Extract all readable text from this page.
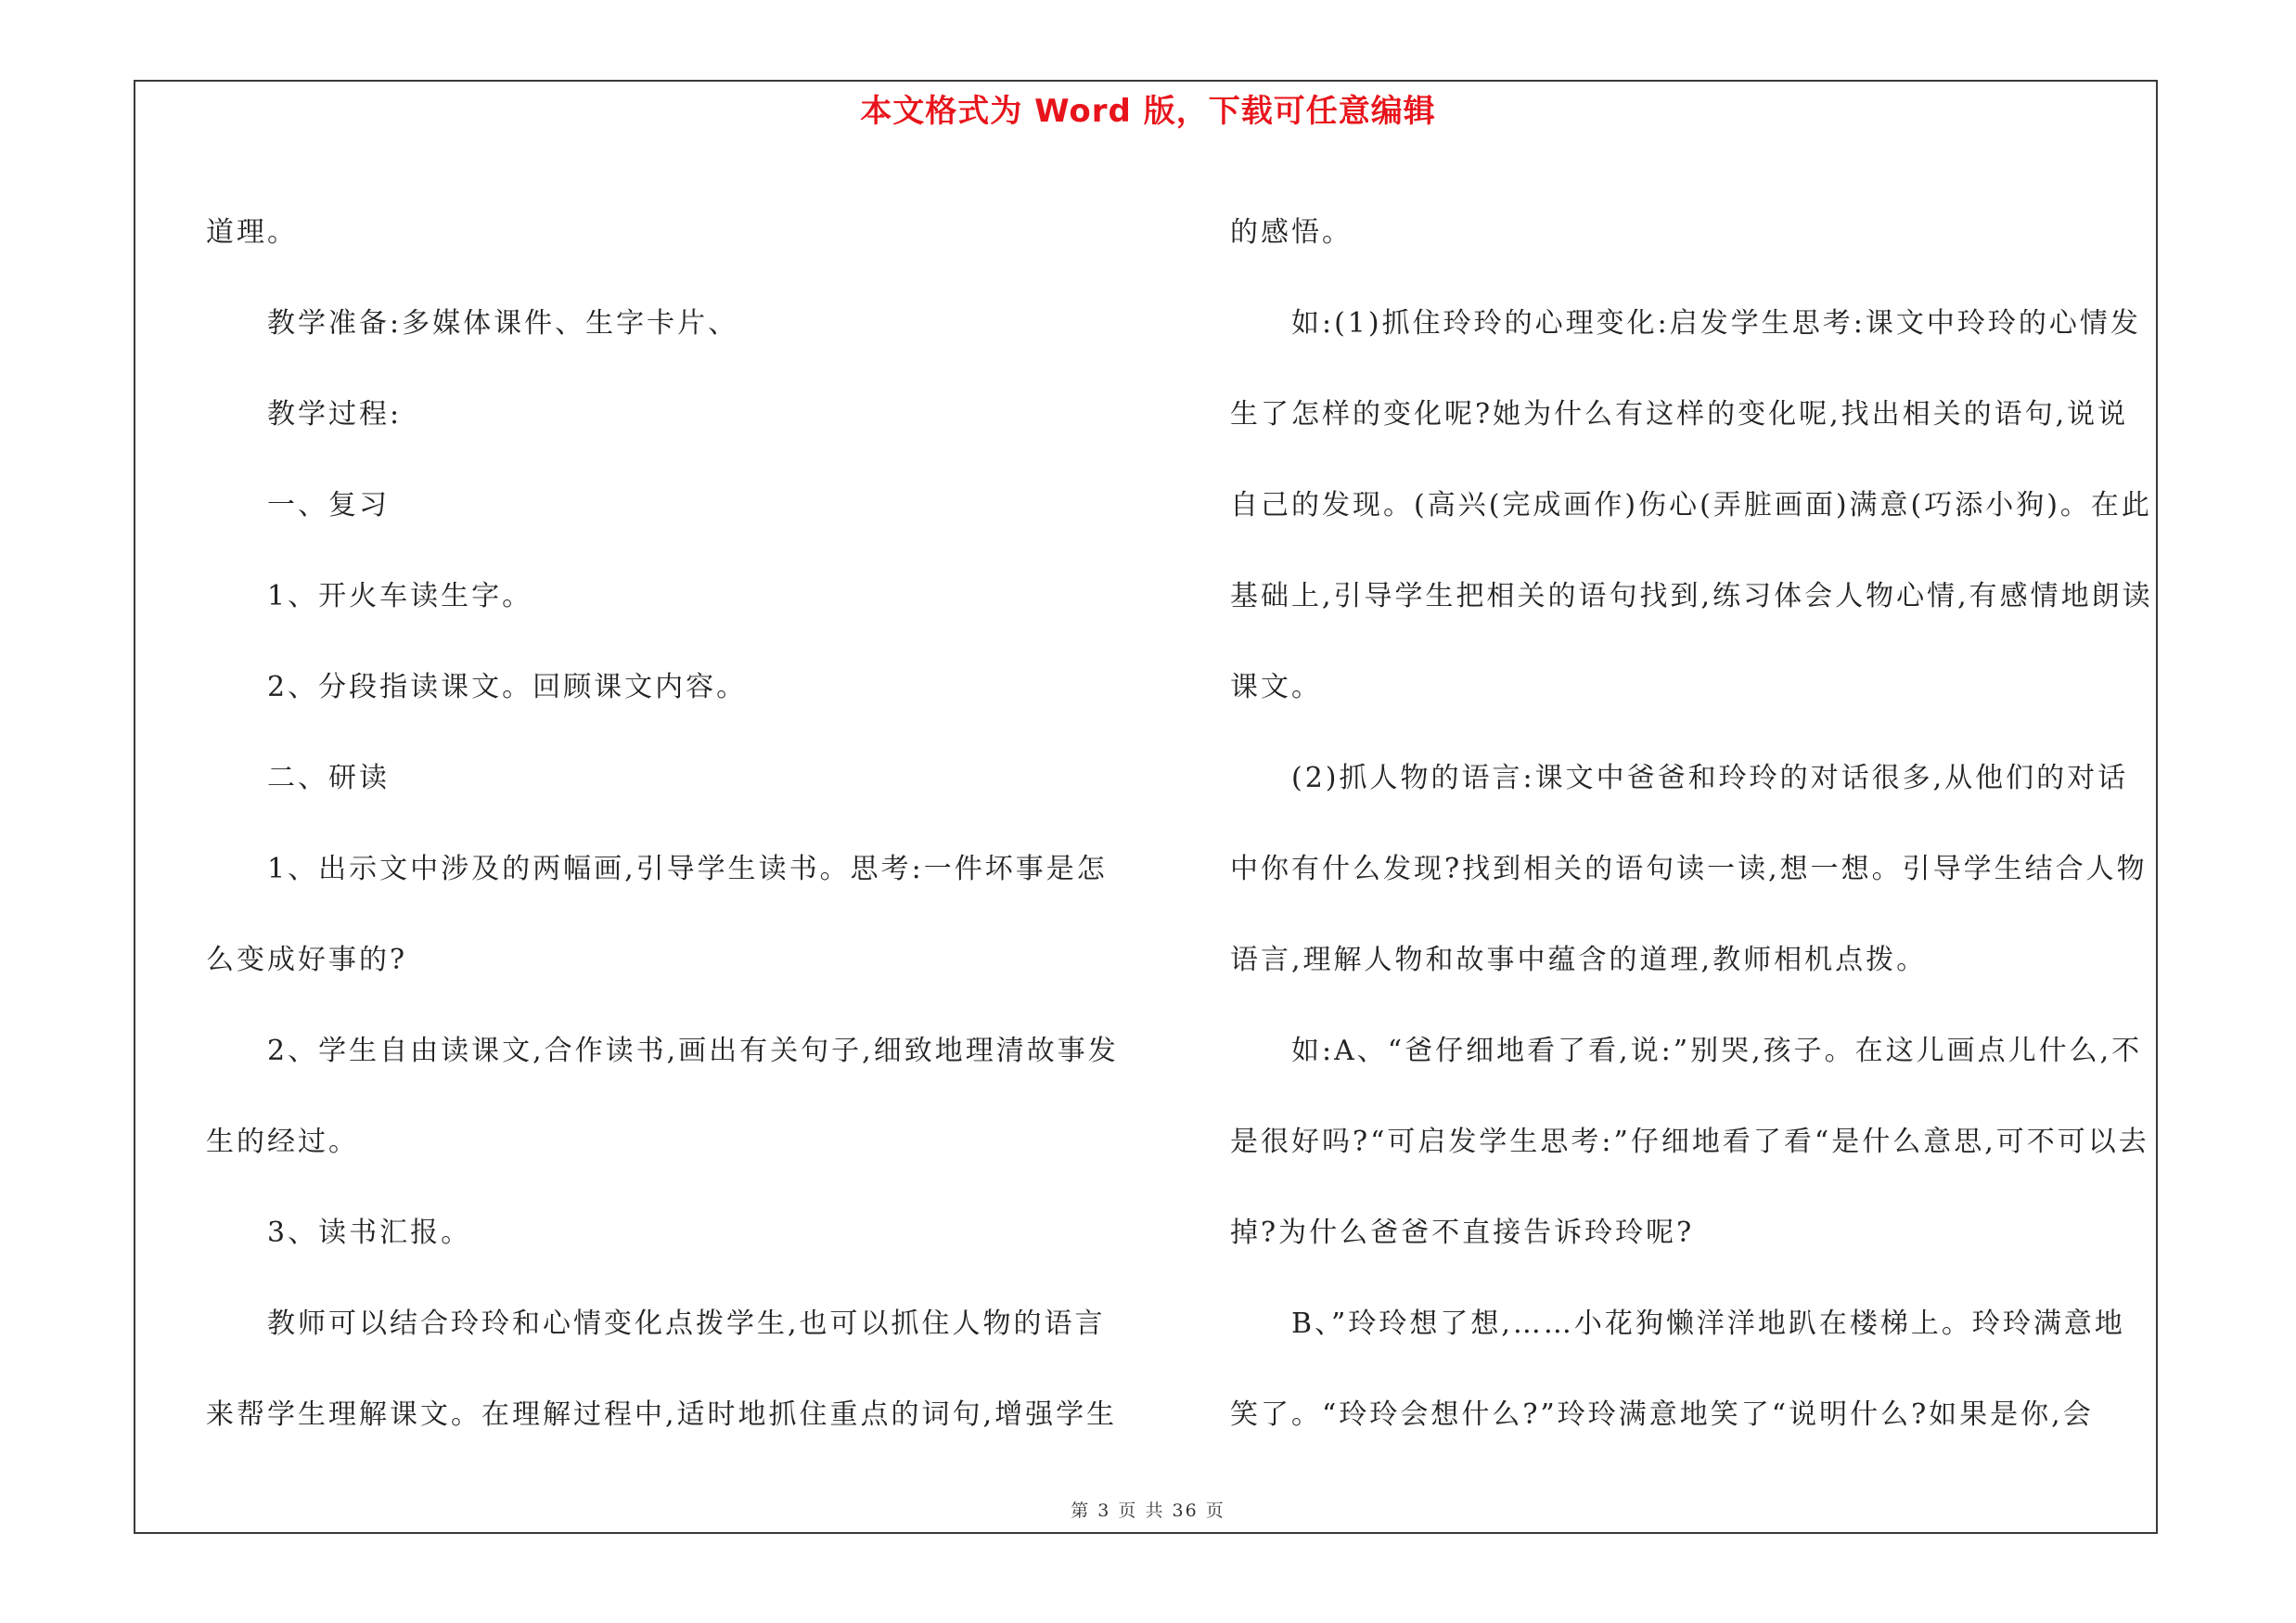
本文格式为 Word 版，下载可任意编辑

道理。

教学准备:多媒体课件、生字卡片、

教学过程:

一、复习

1、开火车读生字。

2、分段指读课文。回顾课文内容。

二、研读

1、出示文中涉及的两幅画,引导学生读书。思考:一件坏事是怎么变成好事的?

2、学生自由读课文,合作读书,画出有关句子,细致地理清故事发生的经过。

3、读书汇报。

教师可以结合玲玲和心情变化点拨学生,也可以抓住人物的语言来帮学生理解课文。在理解过程中,适时地抓住重点的词句,增强学生

的感悟。

如:(1)抓住玲玲的心理变化:启发学生思考:课文中玲玲的心情发生了怎样的变化呢?她为什么有这样的变化呢,找出相关的语句,说说自己的发现。(高兴(完成画作)伤心(弄脏画面)满意(巧添小狗)。在此基础上,引导学生把相关的语句找到,练习体会人物心情,有感情地朗读课文。

(2)抓人物的语言:课文中爸爸和玲玲的对话很多,从他们的对话中你有什么发现?找到相关的语句读一读,想一想。引导学生结合人物语言,理解人物和故事中蕴含的道理,教师相机点拨。

如:A、“爸仔细地看了看,说:”别哭,孩子。在这儿画点儿什么,不是很好吗?“可启发学生思考:”仔细地看了看“是什么意思,可不可以去掉?为什么爸爸不直接告诉玲玲呢?

B、”玲玲想了想,……小花狗懒洋洋地趴在楼梯上。玲玲满意地笑了。“玲玲会想什么?”玲玲满意地笑了“说明什么?如果是你,会

第 3 页 共 36 页
